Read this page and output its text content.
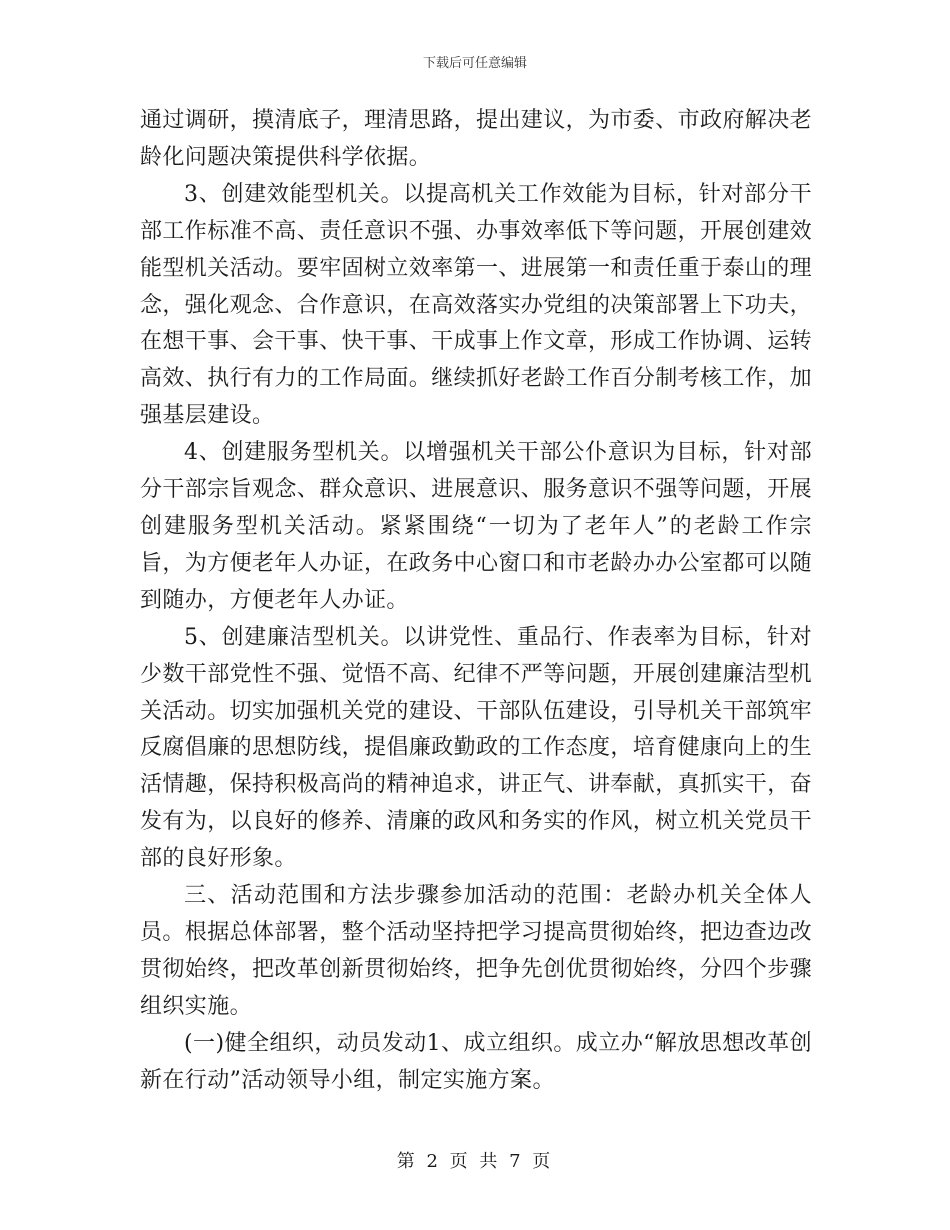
下载后可任意编辑

通过调研，摸清底子，理清思路，提出建议，为市委、市政府解决老龄化问题决策提供科学依据。

3、创建效能型机关。以提高机关工作效能为目标，针对部分干部工作标准不高、责任意识不强、办事效率低下等问题，开展创建效能型机关活动。要牢固树立效率第一、进展第一和责任重于泰山的理念，强化观念、合作意识，在高效落实办党组的决策部署上下功夫，在想干事、会干事、快干事、干成事上作文章，形成工作协调、运转高效、执行有力的工作局面。继续抓好老龄工作百分制考核工作，加强基层建设。

4、创建服务型机关。以增强机关干部公仆意识为目标，针对部分干部宗旨观念、群众意识、进展意识、服务意识不强等问题，开展创建服务型机关活动。紧紧围绕“一切为了老年人”的老龄工作宗旨，为方便老年人办证，在政务中心窗口和市老龄办办公室都可以随到随办，方便老年人办证。

5、创建廉洁型机关。以讲党性、重品行、作表率为目标，针对少数干部党性不强、觉悟不高、纪律不严等问题，开展创建廉洁型机关活动。切实加强机关党的建设、干部队伍建设，引导机关干部筑牢反腐倡廉的思想防线，提倡廉政勤政的工作态度，培育健康向上的生活情趣，保持积极高尚的精神追求，讲正气、讲奉献，真抓实干，奋发有为，以良好的修养、清廉的政风和务实的作风，树立机关党员干部的良好形象。

三、活动范围和方法步骤参加活动的范围：老龄办机关全体人员。根据总体部署，整个活动坚持把学习提高贯彻始终，把边查边改贯彻始终，把改革创新贯彻始终，把争先创优贯彻始终，分四个步骤组织实施。

(一)健全组织，动员发动1、成立组织。成立办“解放思想改革创新在行动”活动领导小组，制定实施方案。

第 2 页 共 7 页
